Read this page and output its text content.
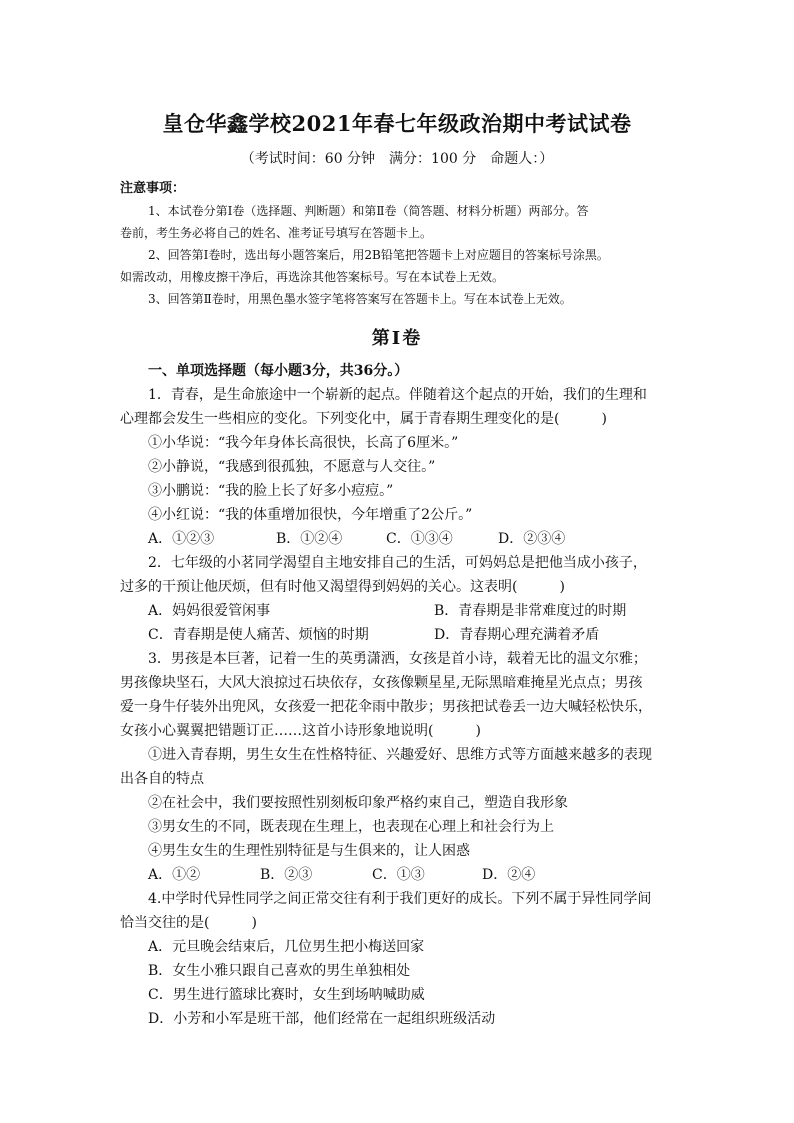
皇仓华鑫学校2021年春七年级政治期中考试试卷
（考试时间：60 分钟　满分：100 分　命题人：）
注意事项：
1、本试卷分第Ⅰ卷（选择题、判断题）和第Ⅱ卷（简答题、材料分析题）两部分。答
卷前，考生务必将自己的姓名、准考证号填写在答题卡上。
2、回答第Ⅰ卷时，选出每小题答案后，用2B铅笔把答题卡上对应题目的答案标号涂黑。
如需改动，用橡皮擦干净后，再选涂其他答案标号。写在本试卷上无效。
3、回答第Ⅱ卷时，用黑色墨水签字笔将答案写在答题卡上。写在本试卷上无效。
第Ⅰ卷
一、单项选择题（每小题3分，共36分。）
1．青春，是生命旅途中一个崭新的起点。伴随着这个起点的开始，我们的生理和
心理都会发生一些相应的变化。下列变化中，属于青春期生理变化的是(　　　)
①小华说：“我今年身体长高很快，长高了6厘米。”
②小静说，“我感到很孤独，不愿意与人交往。”
③小鹏说：“我的脸上长了好多小痘痘。”
④小红说：“我的体重增加很快，今年增重了2公斤。”
A．①②③	B．①②④	C．①③④	D．②③④
2．七年级的小茗同学渴望自主地安排自己的生活，可妈妈总是把他当成小孩子，
过多的干预让他厌烦，但有时他又渴望得到妈妈的关心。这表明(　　　)
A．妈妈很爱管闲事	B．青春期是非常难度过的时期
C．青春期是使人痛苦、烦恼的时期	D．青春期心理充满着矛盾
3．男孩是本巨著，记着一生的英勇潇洒，女孩是首小诗，载着无比的温文尔雅；
男孩像块坚石，大风大浪掠过石块依存，女孩像颗星星,无际黑暗难掩星光点点；男孩
爱一身牛仔装外出兜风，女孩爱一把花伞雨中散步；男孩把试卷丢一边大喊轻松快乐，
女孩小心翼翼把错题订正……这首小诗形象地说明(　　　)
①进入青春期，男生女生在性格特征、兴趣爱好、思维方式等方面越来越多的表现
出各自的特点
②在社会中，我们要按照性别刻板印象严格约束自己，塑造自我形象
③男女生的不同，既表现在生理上，也表现在心理上和社会行为上
④男生女生的生理性别特征是与生俱来的，让人困惑
A．①②	B．②③	C．①③	D．②④
4.中学时代异性同学之间正常交往有利于我们更好的成长。下列不属于异性同学间
恰当交往的是(　　　)
A．元旦晚会结束后，几位男生把小梅送回家
B．女生小雅只跟自己喜欢的男生单独相处
C．男生进行篮球比赛时，女生到场呐喊助威
D．小芳和小军是班干部，他们经常在一起组织班级活动
